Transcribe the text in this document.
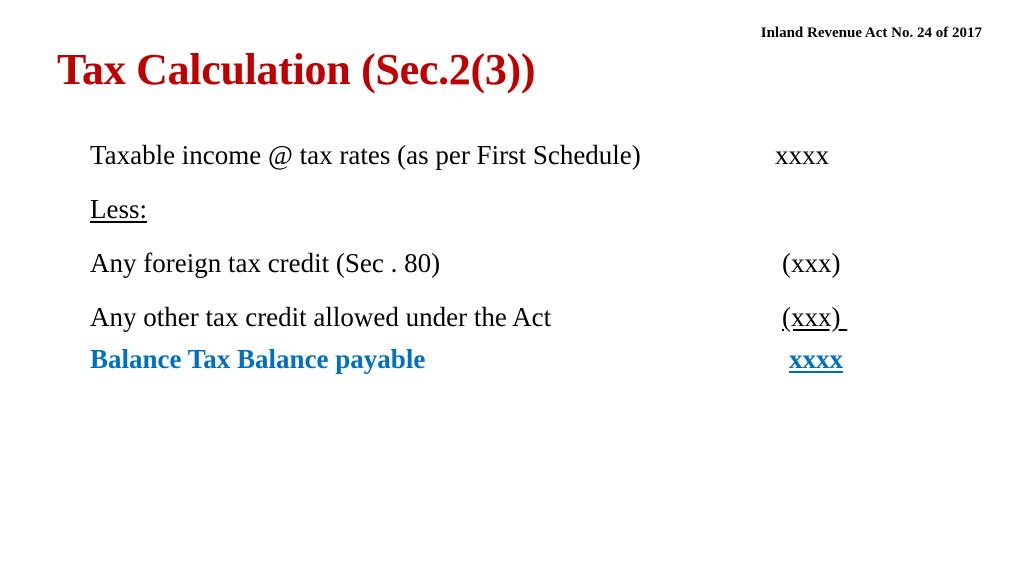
Inland Revenue Act No. 24 of 2017
Tax Calculation (Sec.2(3))
Taxable income @ tax rates (as per First Schedule)	xxxx
Less:
Any foreign tax credit (Sec . 80)	(xxx)
Any other tax credit allowed under the Act	(xxx)
Balance Tax Balance payable	xxxx
